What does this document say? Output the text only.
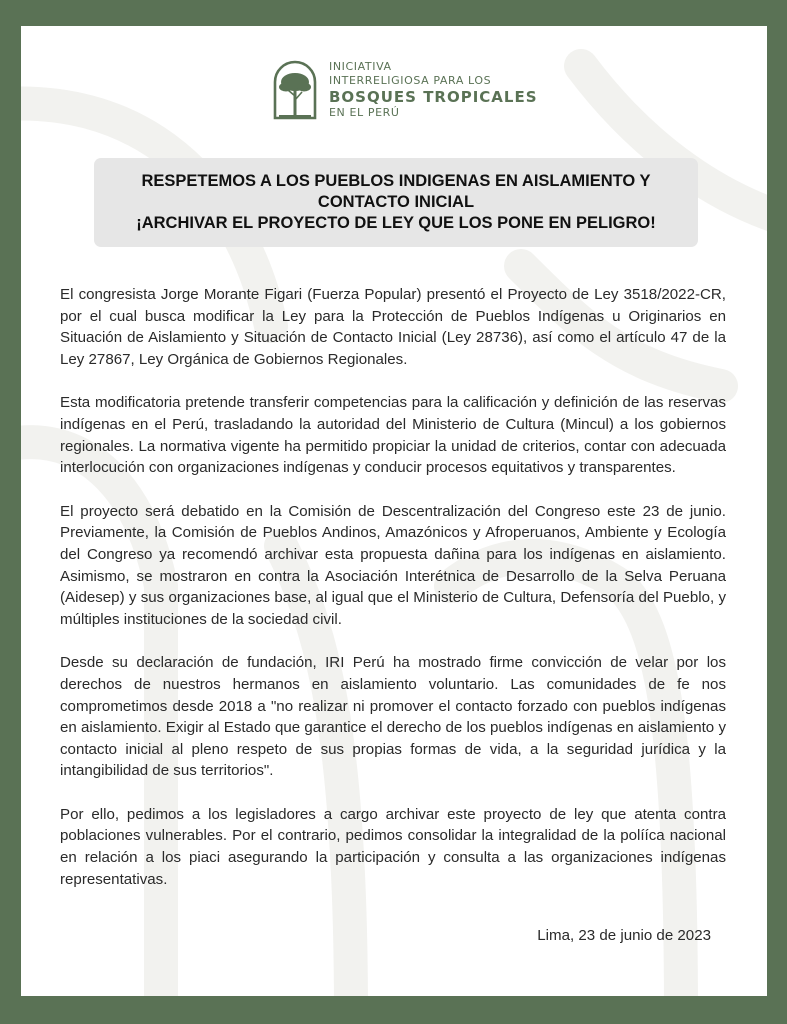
INICIATIVA
INTERRELIGIOSA PARA LOS
BOSQUES TROPICALES
EN EL PERÚ
RESPETEMOS A LOS PUEBLOS INDIGENAS EN AISLAMIENTO Y
CONTACTO INICIAL
¡ARCHIVAR EL PROYECTO DE LEY QUE LOS PONE EN PELIGRO!

El congresista Jorge Morante Figari (Fuerza Popular) presentó el Proyecto de Ley 3518/2022-CR, por el cual busca modificar la Ley para la Protección de Pueblos Indígenas u Originarios en Situación de Aislamiento y Situación de Contacto Inicial (Ley 28736), así como el artículo 47 de la Ley 27867, Ley Orgánica de Gobiernos Regionales.

Esta modificatoria pretende transferir competencias para la calificación y definición de las reservas indígenas en el Perú, trasladando la autoridad del Ministerio de Cultura (Mincul) a los gobiernos regionales. La normativa vigente ha permitido propiciar la unidad de criterios, contar con adecuada interlocución con organizaciones indígenas y conducir procesos equitativos y transparentes.

El proyecto será debatido en la Comisión de Descentralización del Congreso este 23 de junio. Previamente, la Comisión de Pueblos Andinos, Amazónicos y Afroperuanos, Ambiente y Ecología del Congreso ya recomendó archivar esta propuesta dañina para los indígenas en aislamiento. Asimismo, se mostraron en contra la Asociación Interétnica de Desarrollo de la Selva Peruana (Aidesep) y sus organizaciones base, al igual que el Ministerio de Cultura, Defensoría del Pueblo, y múltiples instituciones de la sociedad civil.

Desde su declaración de fundación, IRI Perú ha mostrado firme convicción de velar por los derechos de nuestros hermanos en aislamiento voluntario. Las comunidades de fe nos comprometimos desde 2018 a "no realizar ni promover el contacto forzado con pueblos indígenas en aislamiento. Exigir al Estado que garantice el derecho de los pueblos indígenas en aislamiento y contacto inicial al pleno respeto de sus propias formas de vida, a la seguridad jurídica y la intangibilidad de sus territorios".

Por ello, pedimos a los legisladores a cargo archivar este proyecto de ley que atenta contra poblaciones vulnerables. Por el contrario, pedimos consolidar la integralidad de la polííca nacional en relación a los piaci asegurando la participación y consulta a las organizaciones indígenas representativas.

Lima, 23 de junio de 2023
